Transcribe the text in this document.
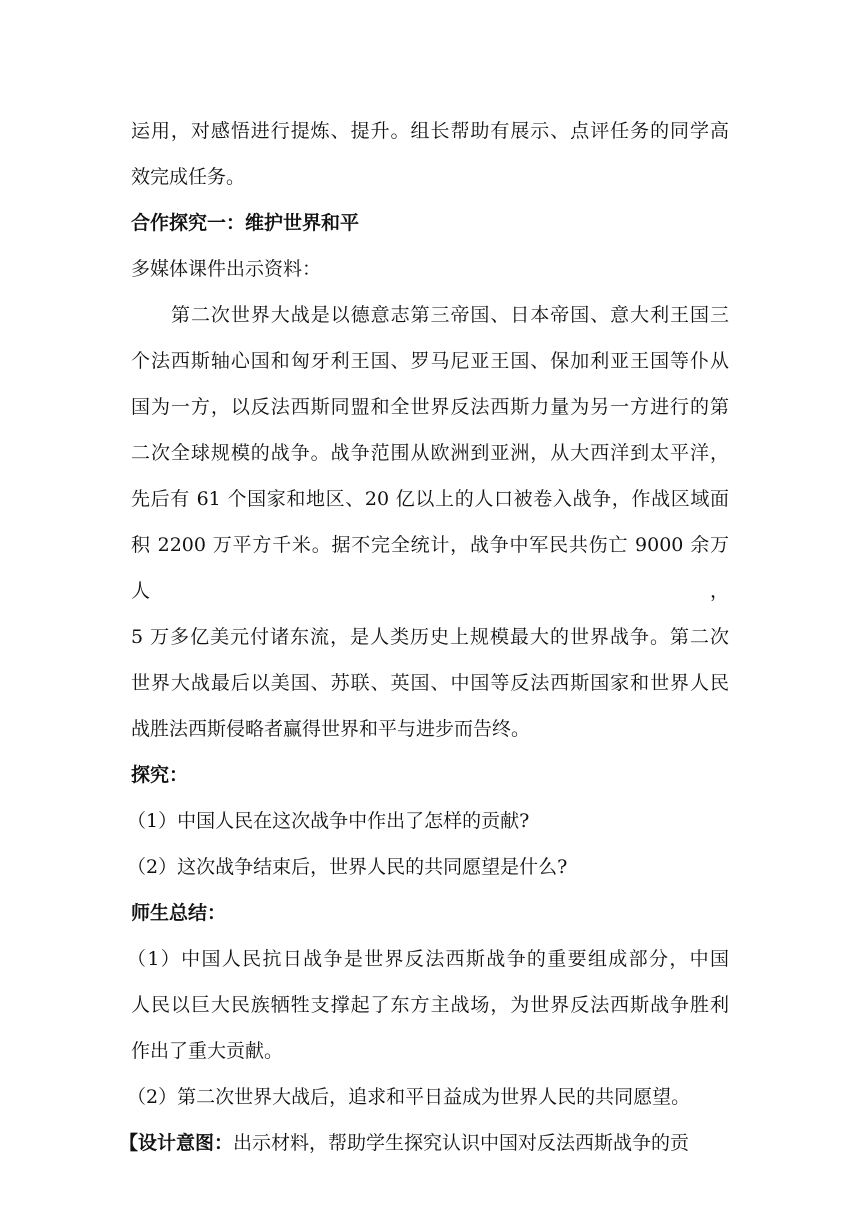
运用，对感悟进行提炼、提升。组长帮助有展示、点评任务的同学高

效完成任务。

合作探究一：维护世界和平

多媒体课件出示资料：

第二次世界大战是以德意志第三帝国、日本帝国、意大利王国三

个法西斯轴心国和匈牙利王国、罗马尼亚王国、保加利亚王国等仆从

国为一方，以反法西斯同盟和全世界反法西斯力量为另一方进行的第

二次全球规模的战争。战争范围从欧洲到亚洲，从大西洋到太平洋，

先后有 61 个国家和地区、20 亿以上的人口被卷入战争，作战区域面

积 2200 万平方千米。据不完全统计，战争中军民共伤亡 9000 余万人，

5 万多亿美元付诸东流，是人类历史上规模最大的世界战争。第二次

世界大战最后以美国、苏联、英国、中国等反法西斯国家和世界人民

战胜法西斯侵略者赢得世界和平与进步而告终。

探究：

（1）中国人民在这次战争中作出了怎样的贡献?

（2）这次战争结束后，世界人民的共同愿望是什么?

师生总结：

（1）中国人民抗日战争是世界反法西斯战争的重要组成部分，中国

人民以巨大民族牺牲支撑起了东方主战场，为世界反法西斯战争胜利

作出了重大贡献。

（2）第二次世界大战后，追求和平日益成为世界人民的共同愿望。

【设计意图：出示材料，帮助学生探究认识中国对反法西斯战争的贡
